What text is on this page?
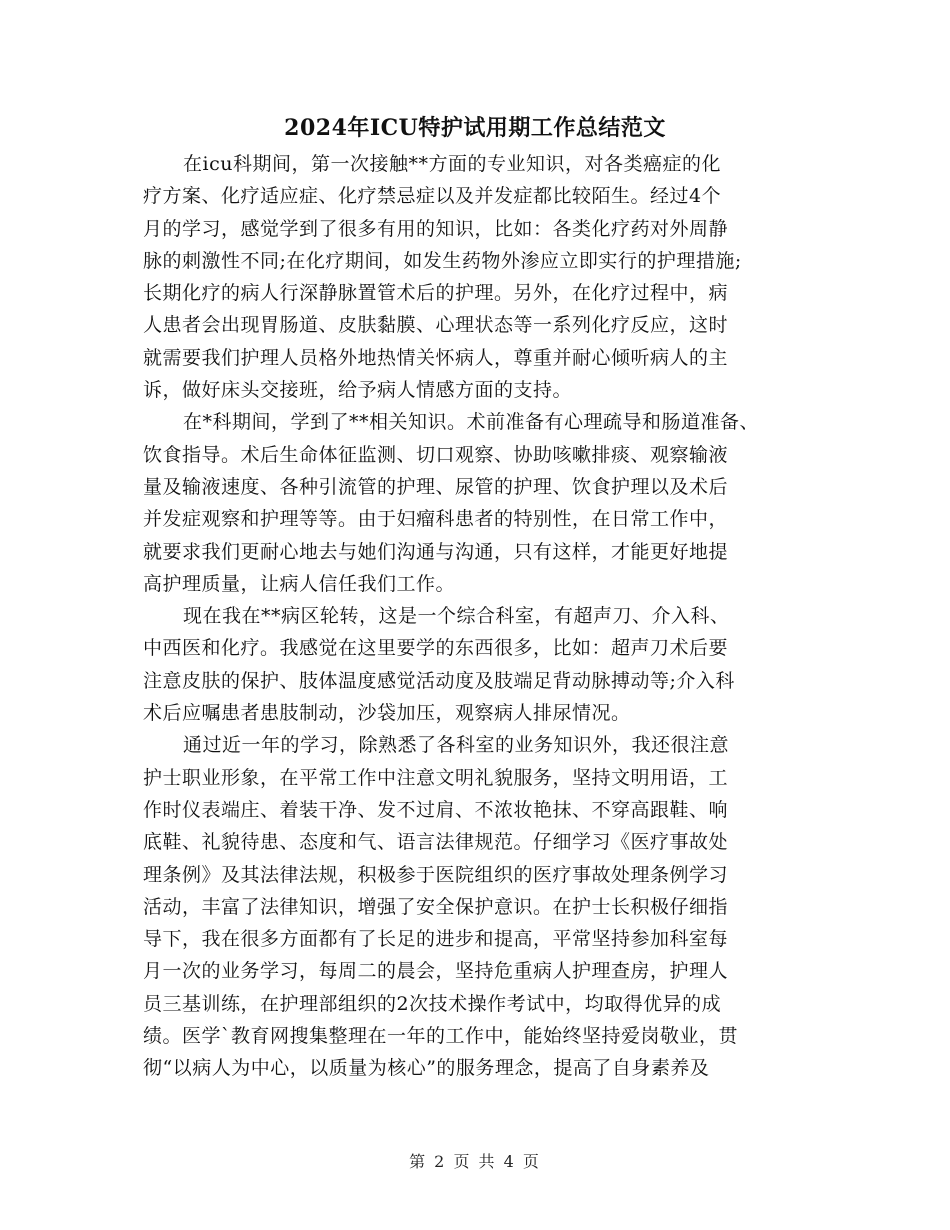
2024年ICU特护试用期工作总结范文
在icu科期间，第一次接触**方面的专业知识，对各类癌症的化
疗方案、化疗适应症、化疗禁忌症以及并发症都比较陌生。经过4个
月的学习，感觉学到了很多有用的知识，比如：各类化疗药对外周静
脉的刺激性不同;在化疗期间，如发生药物外渗应立即实行的护理措施;
长期化疗的病人行深静脉置管术后的护理。另外，在化疗过程中，病
人患者会出现胃肠道、皮肤黏膜、心理状态等一系列化疗反应，这时
就需要我们护理人员格外地热情关怀病人，尊重并耐心倾听病人的主
诉，做好床头交接班，给予病人情感方面的支持。
在*科期间，学到了**相关知识。术前准备有心理疏导和肠道准备、
饮食指导。术后生命体征监测、切口观察、协助咳嗽排痰、观察输液
量及输液速度、各种引流管的护理、尿管的护理、饮食护理以及术后
并发症观察和护理等等。由于妇瘤科患者的特别性，在日常工作中，
就要求我们更耐心地去与她们沟通与沟通，只有这样，才能更好地提
高护理质量，让病人信任我们工作。
现在我在**病区轮转，这是一个综合科室，有超声刀、介入科、
中西医和化疗。我感觉在这里要学的东西很多，比如：超声刀术后要
注意皮肤的保护、肢体温度感觉活动度及肢端足背动脉搏动等;介入科
术后应嘱患者患肢制动，沙袋加压，观察病人排尿情况。
通过近一年的学习，除熟悉了各科室的业务知识外，我还很注意
护士职业形象，在平常工作中注意文明礼貌服务，坚持文明用语，工
作时仪表端庄、着装干净、发不过肩、不浓妆艳抹、不穿高跟鞋、响
底鞋、礼貌待患、态度和气、语言法律规范。仔细学习《医疗事故处
理条例》及其法律法规，积极参于医院组织的医疗事故处理条例学习
活动，丰富了法律知识，增强了安全保护意识。在护士长积极仔细指
导下，我在很多方面都有了长足的进步和提高，平常坚持参加科室每
月一次的业务学习，每周二的晨会，坚持危重病人护理查房，护理人
员三基训练，在护理部组织的2次技术操作考试中，均取得优异的成
绩。医学`教育网搜集整理在一年的工作中，能始终坚持爱岗敬业，贯
彻“以病人为中心，以质量为核心”的服务理念，提高了自身素养及
第 2 页 共 4 页
